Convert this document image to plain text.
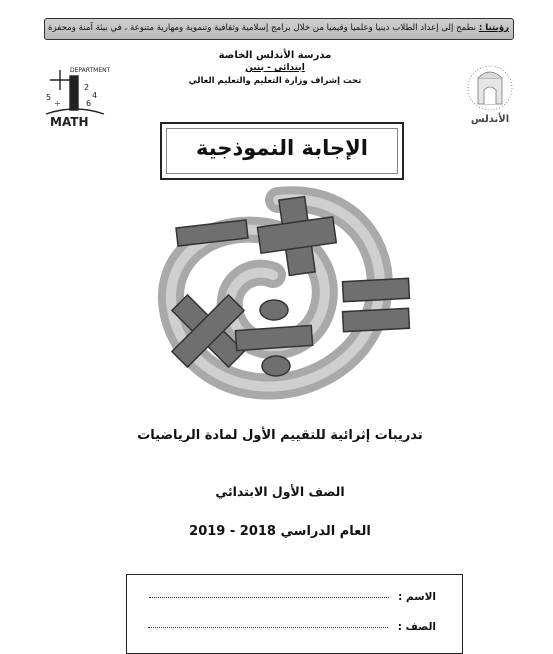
رؤيتنا : نطمح إلى إعداد الطلاب دينيا وعلميا وقيميا من خلال برامج إسلامية وثقافية وتنموية ومهارية متنوعة ، في بيئة آمنة ومحفزة
مدرسة الأندلس الخاصة
ابتدائي - بنين
تحت إشراف وزارة التعليم والتعليم العالي
DEPARTMENT
5
÷
2
4
6
MATH	الأندلس
الإجابة النموذجية
تدريبات إثرائية للتقييم الأول لمادة الرياضيات
الصف الأول الابتدائي
العام الدراسي 2018 - 2019
الاسم :
الصف :
